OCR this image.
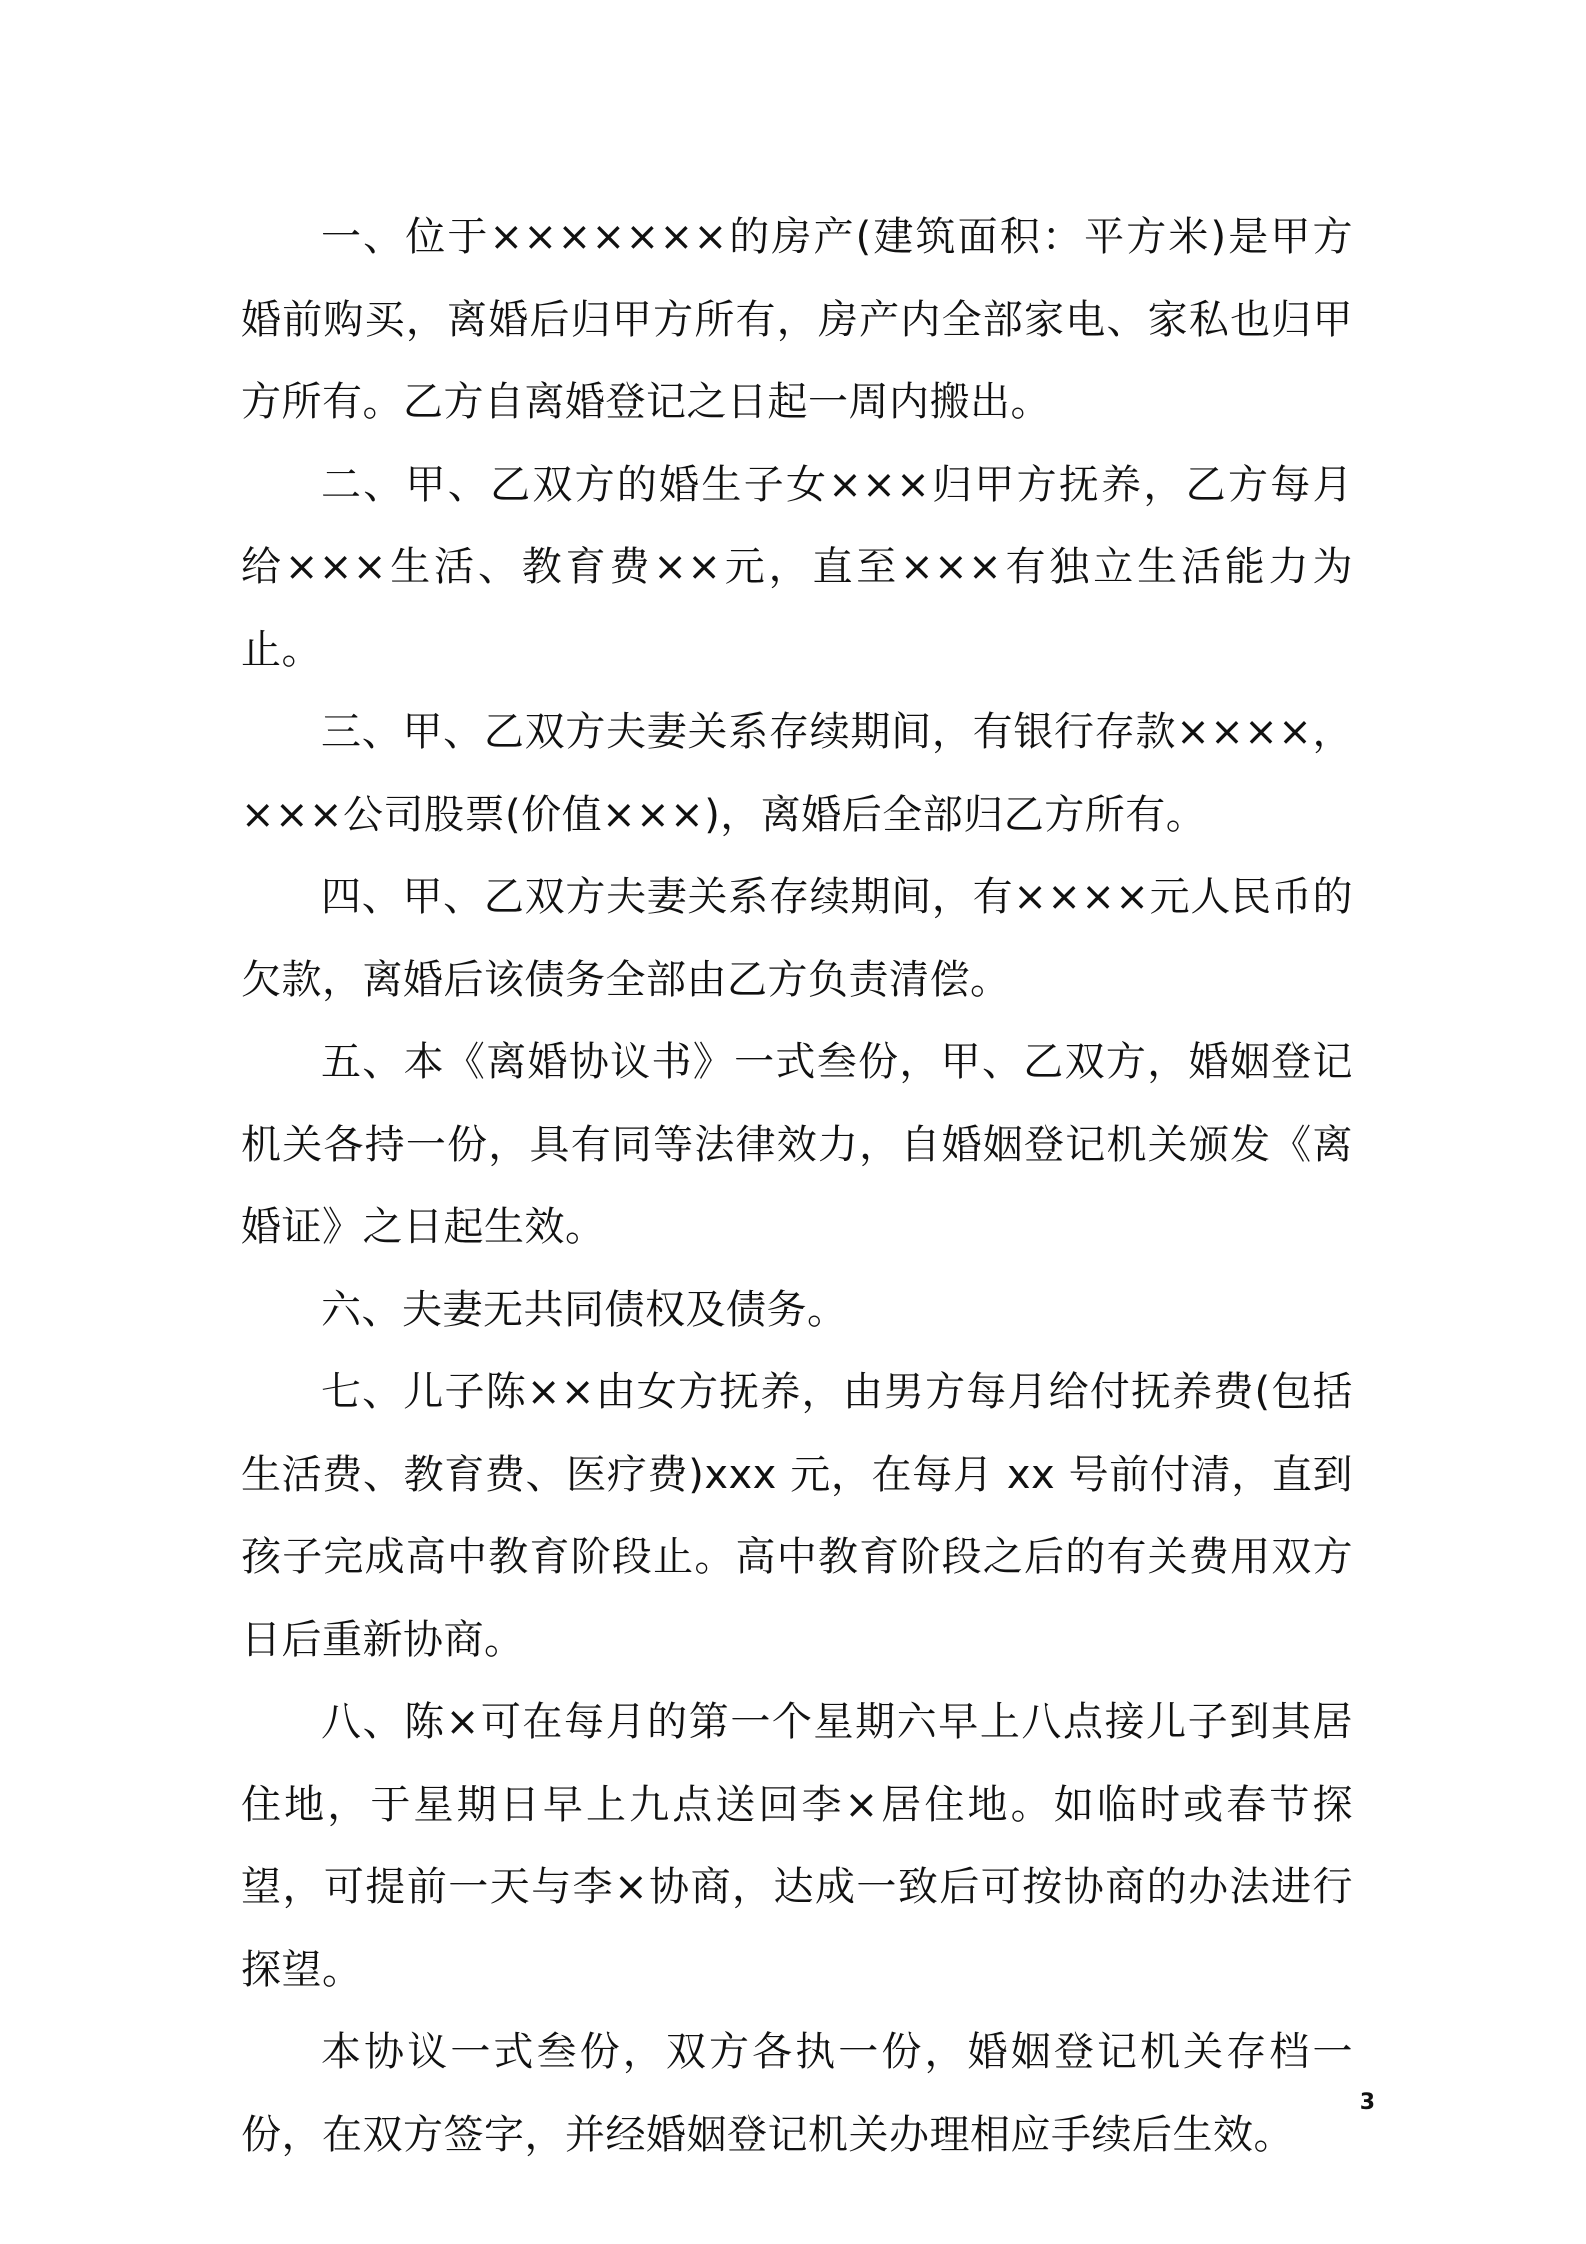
一、位于×××××××的房产(建筑面积：平方米)是甲方婚前购买，离婚后归甲方所有，房产内全部家电、家私也归甲方所有。乙方自离婚登记之日起一周内搬出。

二、甲、乙双方的婚生子女×××归甲方抚养，乙方每月给×××生活、教育费××元，直至×××有独立生活能力为止。

三、甲、乙双方夫妻关系存续期间，有银行存款××××，×××公司股票(价值×××)，离婚后全部归乙方所有。

四、甲、乙双方夫妻关系存续期间，有××××元人民币的欠款，离婚后该债务全部由乙方负责清偿。

五、本《离婚协议书》一式叁份，甲、乙双方，婚姻登记机关各持一份，具有同等法律效力，自婚姻登记机关颁发《离婚证》之日起生效。

六、夫妻无共同债权及债务。

七、儿子陈××由女方抚养，由男方每月给付抚养费(包括生活费、教育费、医疗费)xxx 元，在每月 xx 号前付清，直到孩子完成高中教育阶段止。高中教育阶段之后的有关费用双方日后重新协商。

八、陈×可在每月的第一个星期六早上八点接儿子到其居住地，于星期日早上九点送回李×居住地。如临时或春节探望，可提前一天与李×协商，达成一致后可按协商的办法进行探望。

本协议一式叁份，双方各执一份，婚姻登记机关存档一份，在双方签字，并经婚姻登记机关办理相应手续后生效。

3
